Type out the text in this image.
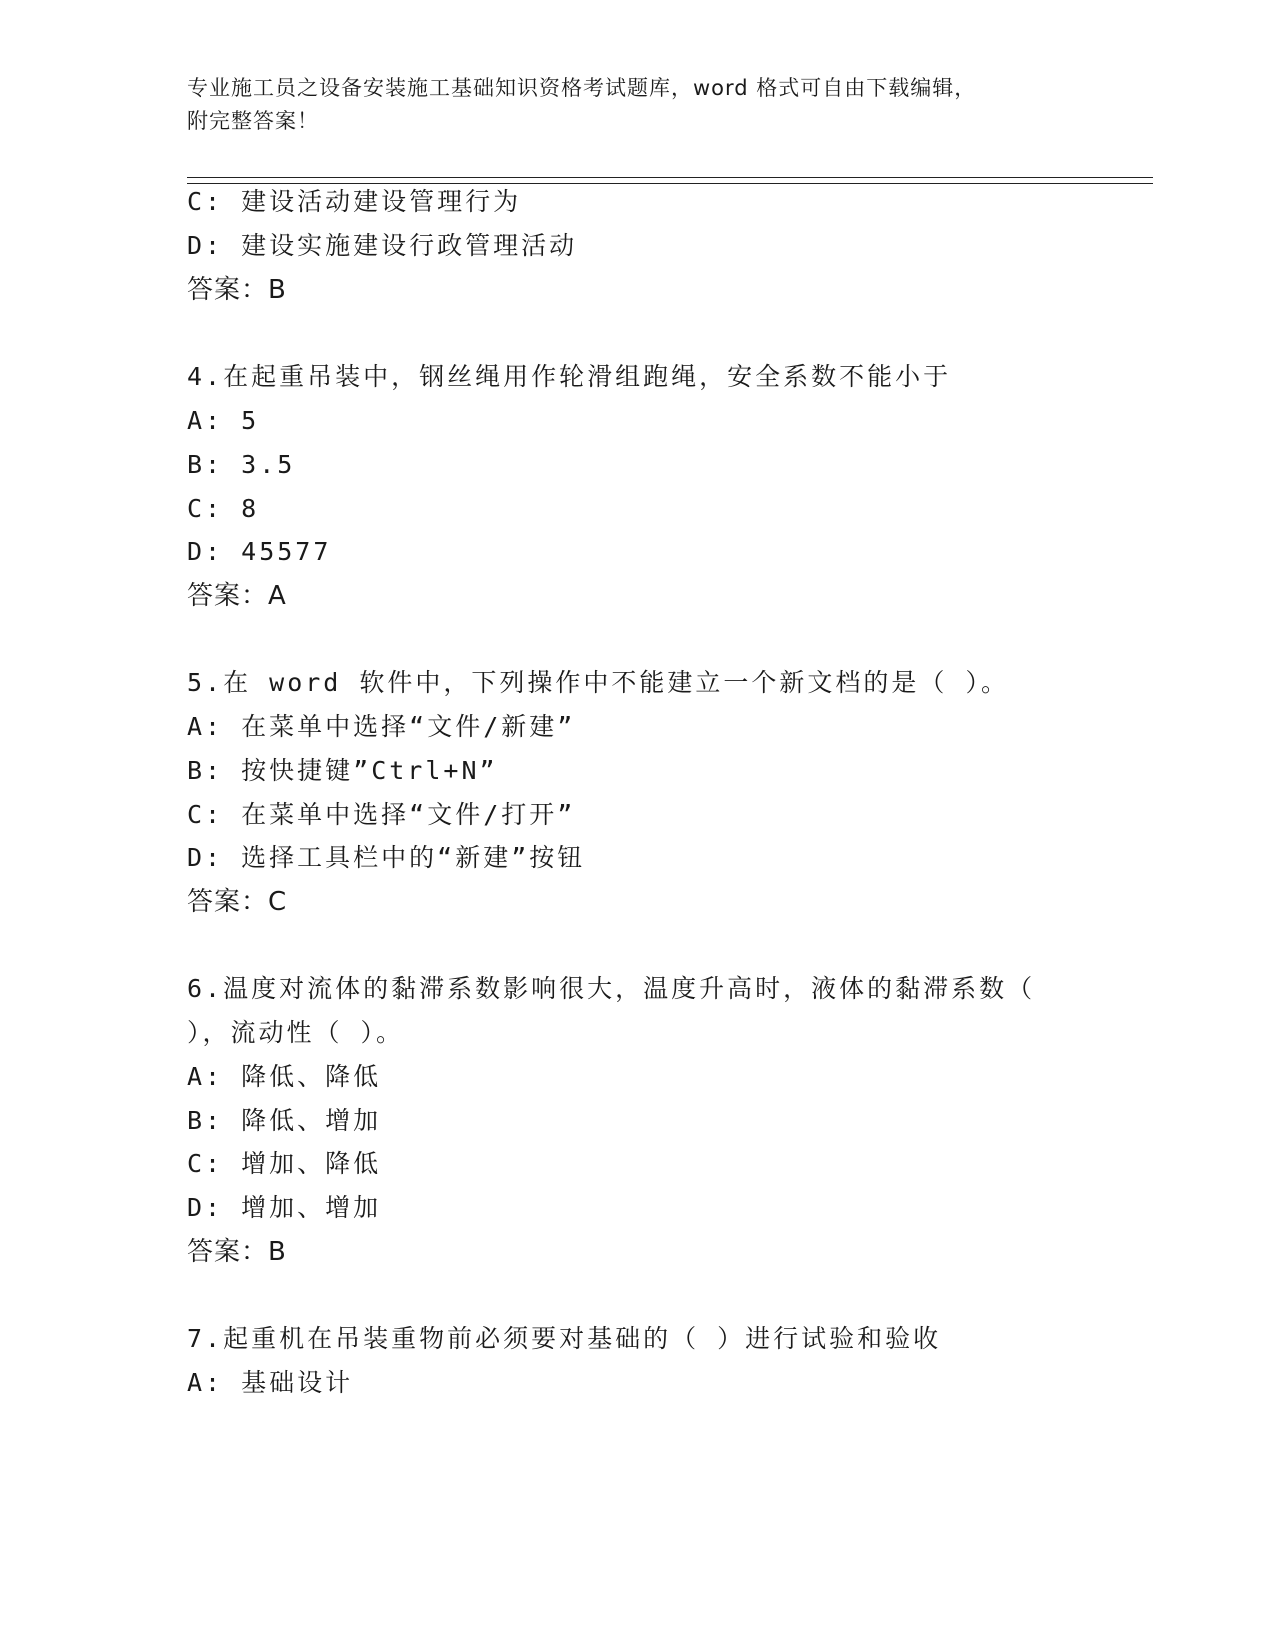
专业施工员之设备安装施工基础知识资格考试题库，word 格式可自由下载编辑，
附完整答案！
C: 建设活动建设管理行为
D: 建设实施建设行政管理活动
答案：B
4.在起重吊装中，钢丝绳用作轮滑组跑绳，安全系数不能小于
A: 5
B: 3.5
C: 8
D: 45577
答案：A
5.在 word 软件中，下列操作中不能建立一个新文档的是（ ）。
A: 在菜单中选择“文件/新建”
B: 按快捷键”Ctrl+N”
C: 在菜单中选择“文件/打开”
D: 选择工具栏中的“新建”按钮
答案：C
6.温度对流体的黏滞系数影响很大，温度升高时，液体的黏滞系数（
），流动性（ ）。
A: 降低、降低
B: 降低、增加
C: 增加、降低
D: 增加、增加
答案：B
7.起重机在吊装重物前必须要对基础的（ ）进行试验和验收
A: 基础设计
